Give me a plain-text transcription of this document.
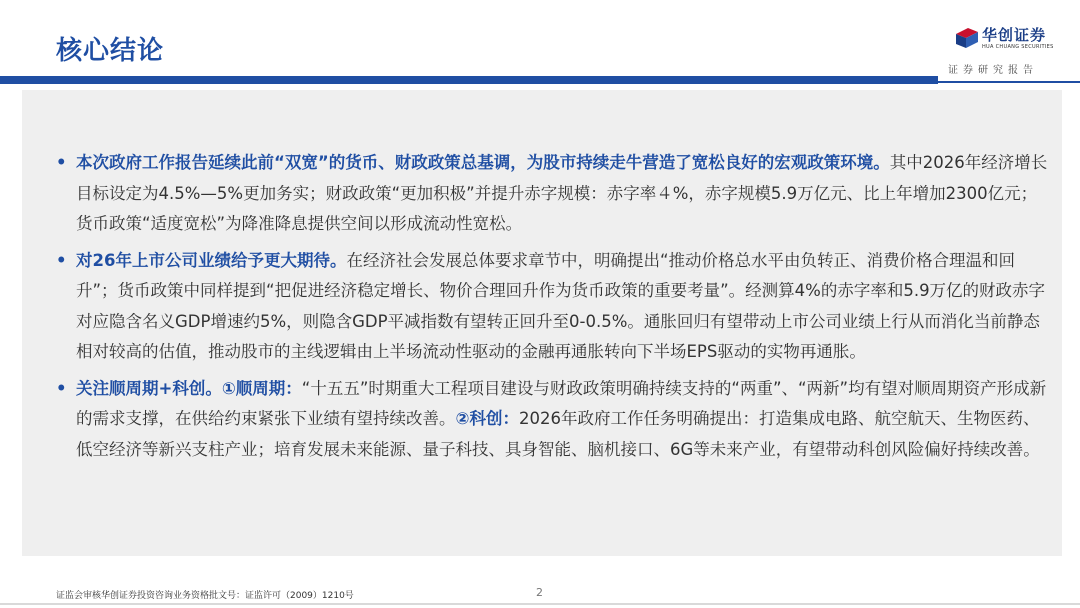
核心结论
华创证券
HUA CHUANG SECURITIES
证券研究报告

• 本次政府工作报告延续此前“双宽”的货币、财政政策总基调，为股市持续走牛营造了宽松良好的宏观政策环境。其中2026年经济增长目标设定为4.5%—5%更加务实；财政政策“更加积极”并提升赤字规模：赤字率４%，赤字规模5.9万亿元、比上年增加2300亿元；货币政策“适度宽松”为降准降息提供空间以形成流动性宽松。

• 对26年上市公司业绩给予更大期待。在经济社会发展总体要求章节中，明确提出“推动价格总水平由负转正、消费价格合理温和回升”；货币政策中同样提到“把促进经济稳定增长、物价合理回升作为货币政策的重要考量”。经测算4%的赤字率和5.9万亿的财政赤字对应隐含名义GDP增速约5%，则隐含GDP平减指数有望转正回升至0-0.5%。通胀回归有望带动上市公司业绩上行从而消化当前静态相对较高的估值，推动股市的主线逻辑由上半场流动性驱动的金融再通胀转向下半场EPS驱动的实物再通胀。

• 关注顺周期+科创。①顺周期：“十五五”时期重大工程项目建设与财政政策明确持续支持的“两重”、“两新”均有望对顺周期资产形成新的需求支撑，在供给约束紧张下业绩有望持续改善。②科创：2026年政府工作任务明确提出：打造集成电路、航空航天、生物医药、低空经济等新兴支柱产业；培育发展未来能源、量子科技、具身智能、脑机接口、6G等未来产业，有望带动科创风险偏好持续改善。

证监会审核华创证券投资咨询业务资格批文号：证监许可（2009）1210号	2
